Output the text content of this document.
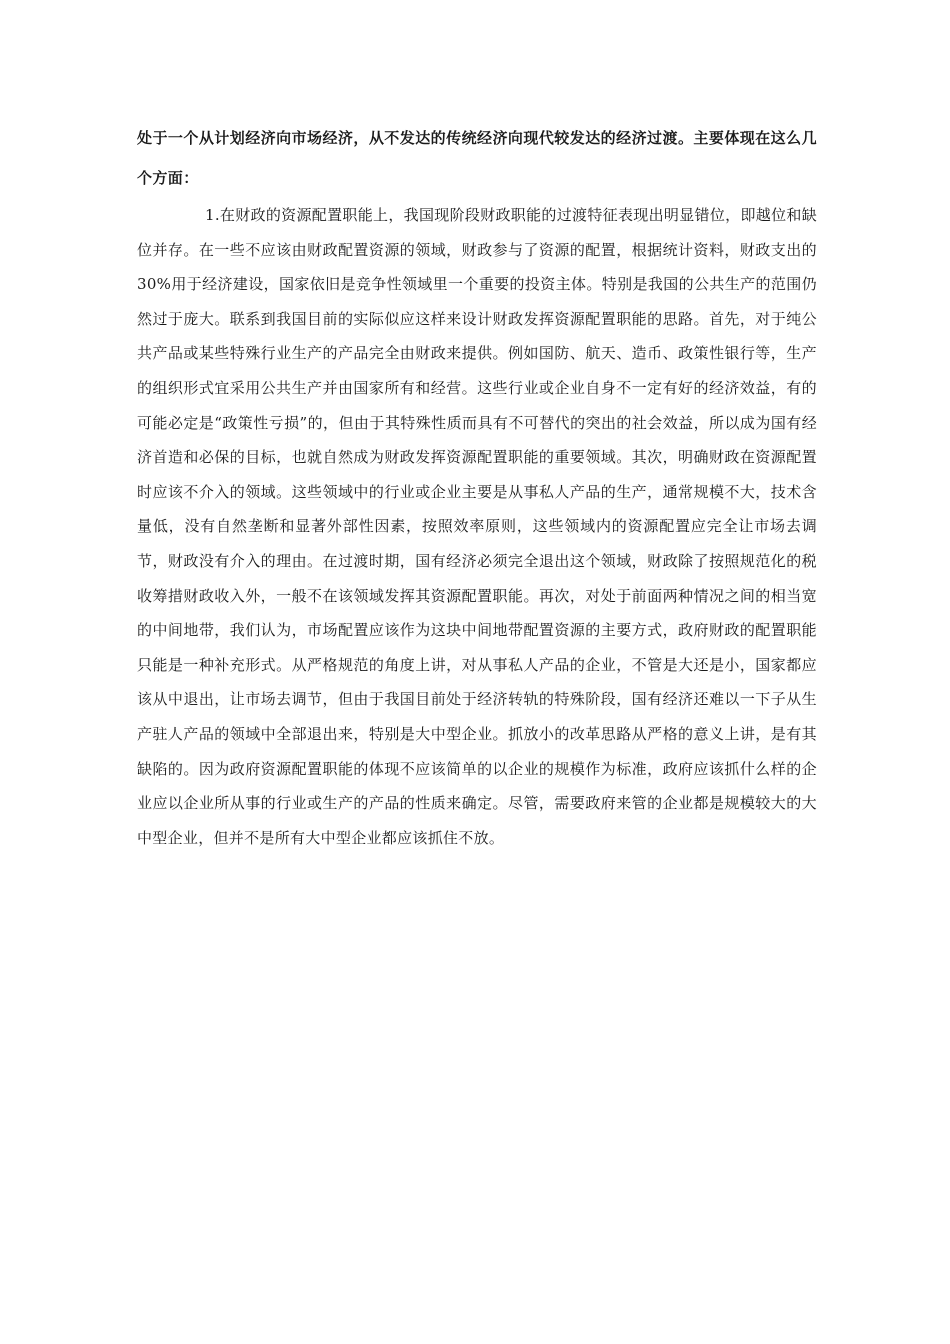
处于一个从计划经济向市场经济，从不发达的传统经济向现代较发达的经济过渡。主要体现在这么几个方面：

1.在财政的资源配置职能上，我国现阶段财政职能的过渡特征表现出明显错位，即越位和缺位并存。在一些不应该由财政配置资源的领域，财政参与了资源的配置，根据统计资料，财政支出的30%用于经济建设，国家依旧是竞争性领域里一个重要的投资主体。特别是我国的公共生产的范围仍然过于庞大。联系到我国目前的实际似应这样来设计财政发挥资源配置职能的思路。首先，对于纯公共产品或某些特殊行业生产的产品完全由财政来提供。例如国防、航天、造币、政策性银行等，生产的组织形式宜采用公共生产并由国家所有和经营。这些行业或企业自身不一定有好的经济效益，有的可能必定是“政策性亏损”的，但由于其特殊性质而具有不可替代的突出的社会效益，所以成为国有经济首造和必保的目标，也就自然成为财政发挥资源配置职能的重要领域。其次，明确财政在资源配置时应该不介入的领域。这些领域中的行业或企业主要是从事私人产品的生产，通常规模不大，技术含量低，没有自然垄断和显著外部性因素，按照效率原则，这些领域内的资源配置应完全让市场去调节，财政没有介入的理由。在过渡时期，国有经济必须完全退出这个领域，财政除了按照规范化的税收筹措财政收入外，一般不在该领域发挥其资源配置职能。再次，对处于前面两种情况之间的相当宽的中间地带，我们认为，市场配置应该作为这块中间地带配置资源的主要方式，政府财政的配置职能只能是一种补充形式。从严格规范的角度上讲，对从事私人产品的企业，不管是大还是小，国家都应该从中退出，让市场去调节，但由于我国目前处于经济转轨的特殊阶段，国有经济还难以一下子从生产驻人产品的领域中全部退出来，特别是大中型企业。抓放小的改革思路从严格的意义上讲，是有其缺陷的。因为政府资源配置职能的体现不应该简单的以企业的规模作为标准，政府应该抓什么样的企业应以企业所从事的行业或生产的产品的性质来确定。尽管，需要政府来管的企业都是规模较大的大中型企业，但并不是所有大中型企业都应该抓住不放。
